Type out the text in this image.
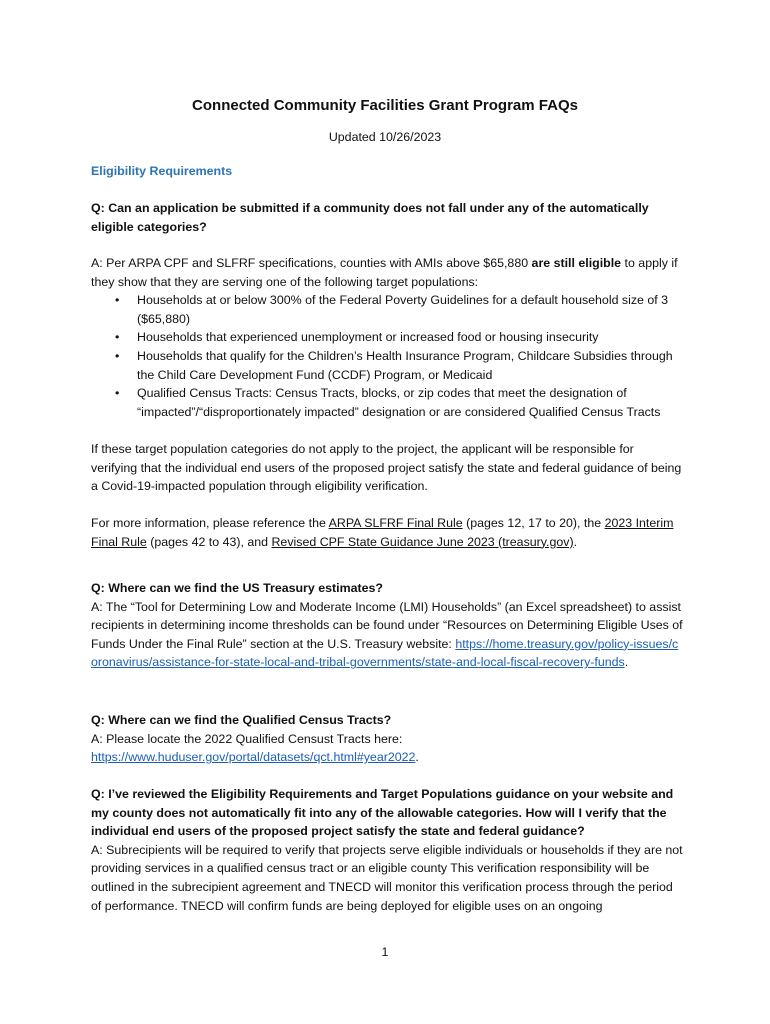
Connected Community Facilities Grant Program FAQs
Updated 10/26/2023
Eligibility Requirements

Q: Can an application be submitted if a community does not fall under any of the automatically eligible categories?

A: Per ARPA CPF and SLFRF specifications, counties with AMIs above $65,880 are still eligible to apply if they show that they are serving one of the following target populations:

• Households at or below 300% of the Federal Poverty Guidelines for a default household size of 3 ($65,880)
• Households that experienced unemployment or increased food or housing insecurity
• Households that qualify for the Children’s Health Insurance Program, Childcare Subsidies through the Child Care Development Fund (CCDF) Program, or Medicaid
• Qualified Census Tracts: Census Tracts, blocks, or zip codes that meet the designation of “impacted”/“disproportionately impacted” designation or are considered Qualified Census Tracts

If these target population categories do not apply to the project, the applicant will be responsible for verifying that the individual end users of the proposed project satisfy the state and federal guidance of being a Covid-19-impacted population through eligibility verification.

For more information, please reference the ARPA SLFRF Final Rule (pages 12, 17 to 20), the 2023 Interim Final Rule (pages 42 to 43), and Revised CPF State Guidance June 2023 (treasury.gov).

Q: Where can we find the US Treasury estimates?

A: The “Tool for Determining Low and Moderate Income (LMI) Households” (an Excel spreadsheet) to assist recipients in determining income thresholds can be found under “Resources on Determining Eligible Uses of Funds Under the Final Rule” section at the U.S. Treasury website: https://home.treasury.gov/policy-issues/coronavirus/assistance-for-state-local-and-tribal-governments/state-and-local-fiscal-recovery-funds.

Q: Where can we find the Qualified Census Tracts?

A: Please locate the 2022 Qualified Censust Tracts here:
https://www.huduser.gov/portal/datasets/qct.html#year2022.

Q: I’ve reviewed the Eligibility Requirements and Target Populations guidance on your website and my county does not automatically fit into any of the allowable categories. How will I verify that the individual end users of the proposed project satisfy the state and federal guidance?

A: Subrecipients will be required to verify that projects serve eligible individuals or households if they are not providing services in a qualified census tract or an eligible county This verification responsibility will be outlined in the subrecipient agreement and TNECD will monitor this verification process through the period of performance. TNECD will confirm funds are being deployed for eligible uses on an ongoing

1
